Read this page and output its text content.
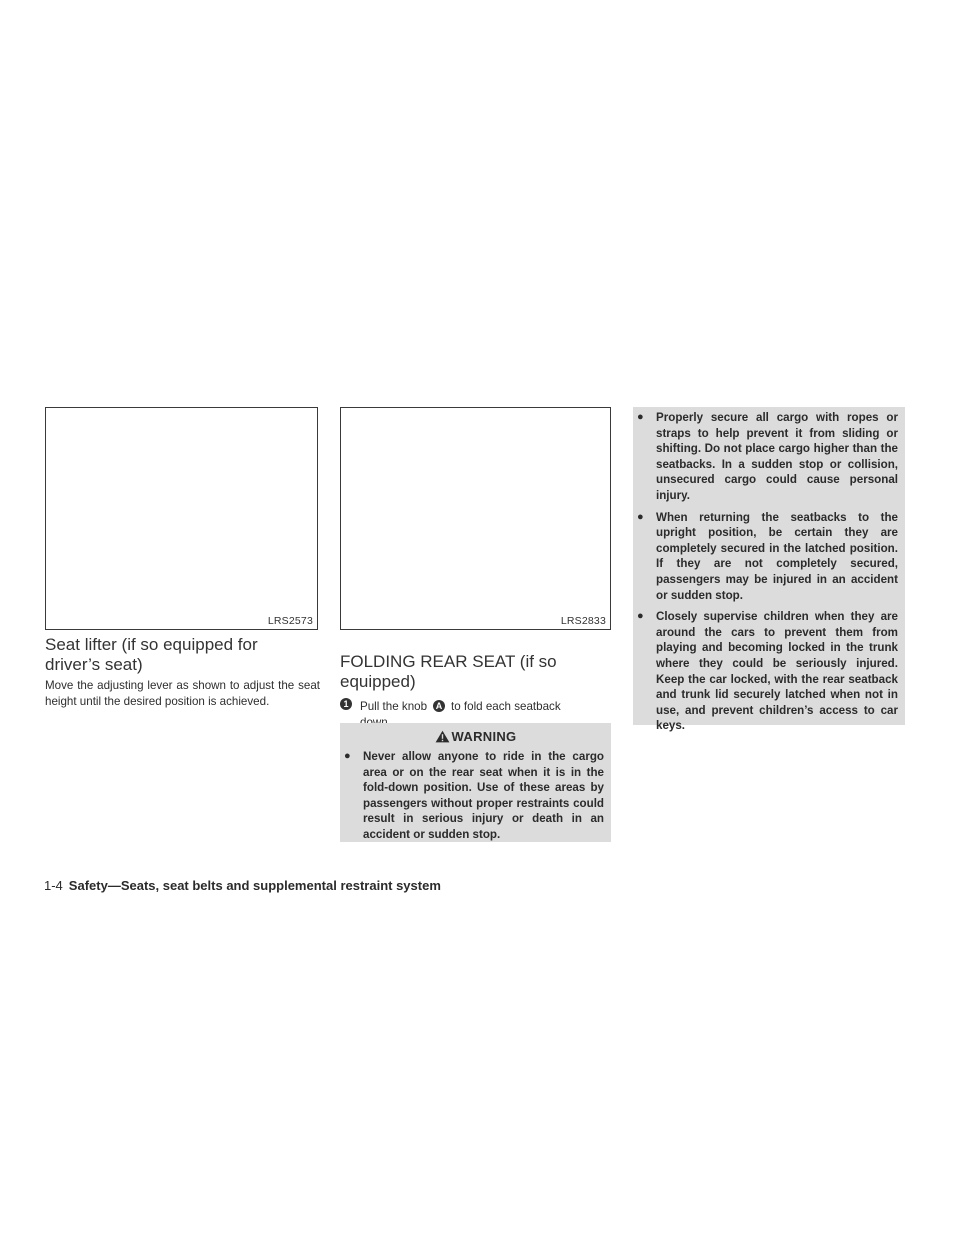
LRS2573	LRS2833
Seat lifter (if so equipped for driver’s seat)

Move the adjusting lever as shown to adjust the seat height until the desired position is achieved.

FOLDING REAR SEAT (if so equipped)
1 Pull the knob A to fold each seatback
WARNING
● Never allow anyone to ride in the cargo area or on the rear seat when it is in the fold-down position. Use of these areas by passengers without proper restraints could result in serious injury or death in an accident or sudden stop.
● Properly secure all cargo with ropes or straps to help prevent it from sliding or shifting. Do not place cargo higher than the seatbacks. In a sudden stop or collision, unsecured cargo could cause personal injury.
● When returning the seatbacks to the upright position, be certain they are completely secured in the latched position. If they are not completely secured, passengers may be injured in an accident or sudden stop.
● Closely supervise children when they are around the cars to prevent them from playing and becoming locked in the trunk where they could be seriously injured. Keep the car locked, with the rear seatback and trunk lid securely latched when not in use, and prevent children’s access to car keys.

1-4 Safety—Seats, seat belts and supplemental restraint system
